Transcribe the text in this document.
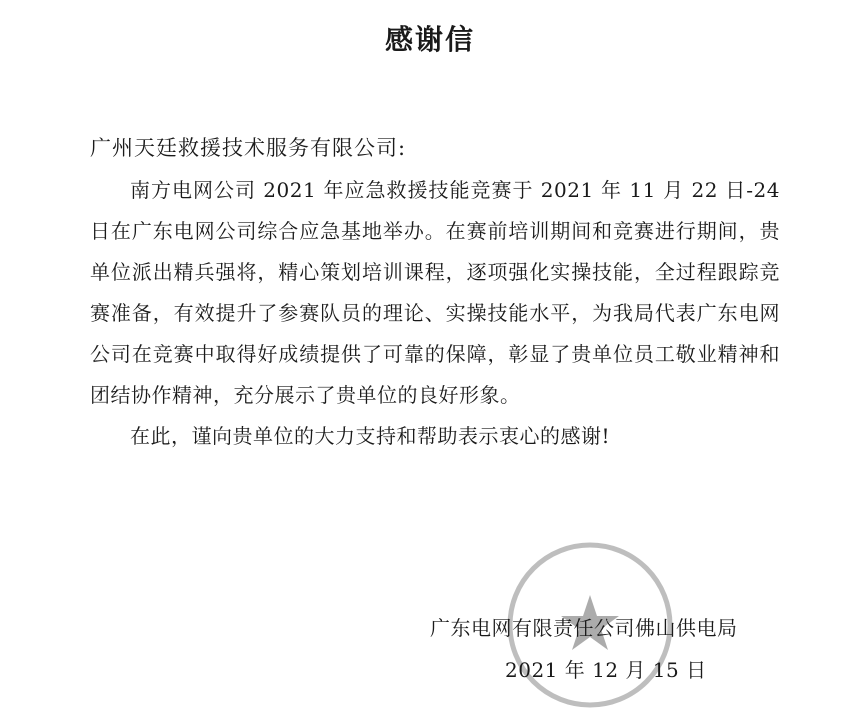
感谢信
广州天廷救援技术服务有限公司:

南方电网公司 2021 年应急救援技能竞赛于 2021 年 11 月 22 日-24 日在广东电网公司综合应急基地举办。在赛前培训期间和竞赛进行期间，贵单位派出精兵强将，精心策划培训课程，逐项强化实操技能，全过程跟踪竞赛准备，有效提升了参赛队员的理论、实操技能水平，为我局代表广东电网公司在竞赛中取得好成绩提供了可靠的保障，彰显了贵单位员工敬业精神和团结协作精神，充分展示了贵单位的良好形象。

在此，谨向贵单位的大力支持和帮助表示衷心的感谢!

广东电网有限责任公司佛山供电局
2021 年 12 月 15 日
